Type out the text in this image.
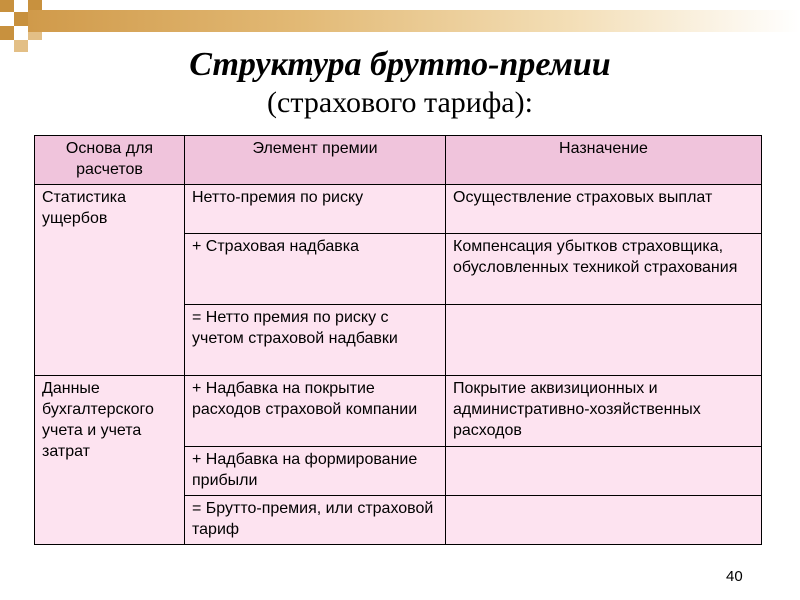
Структура брутто-премии
(страхового тарифа):
Основа для расчетов	Элемент премии	Назначение
Статистика ущербов	Нетто-премия по риску	Осуществление страховых выплат
	+ Страховая надбавка	Компенсация убытков страховщика, обусловленных техникой страхования
	= Нетто премия по риску с учетом страховой надбавки	
Данные бухгалтерского учета и учета затрат	+ Надбавка на покрытие расходов страховой компании	Покрытие аквизиционных и административно-хозяйственных расходов
	+ Надбавка на формирование прибыли	
	= Брутто-премия, или страховой тариф	
40
